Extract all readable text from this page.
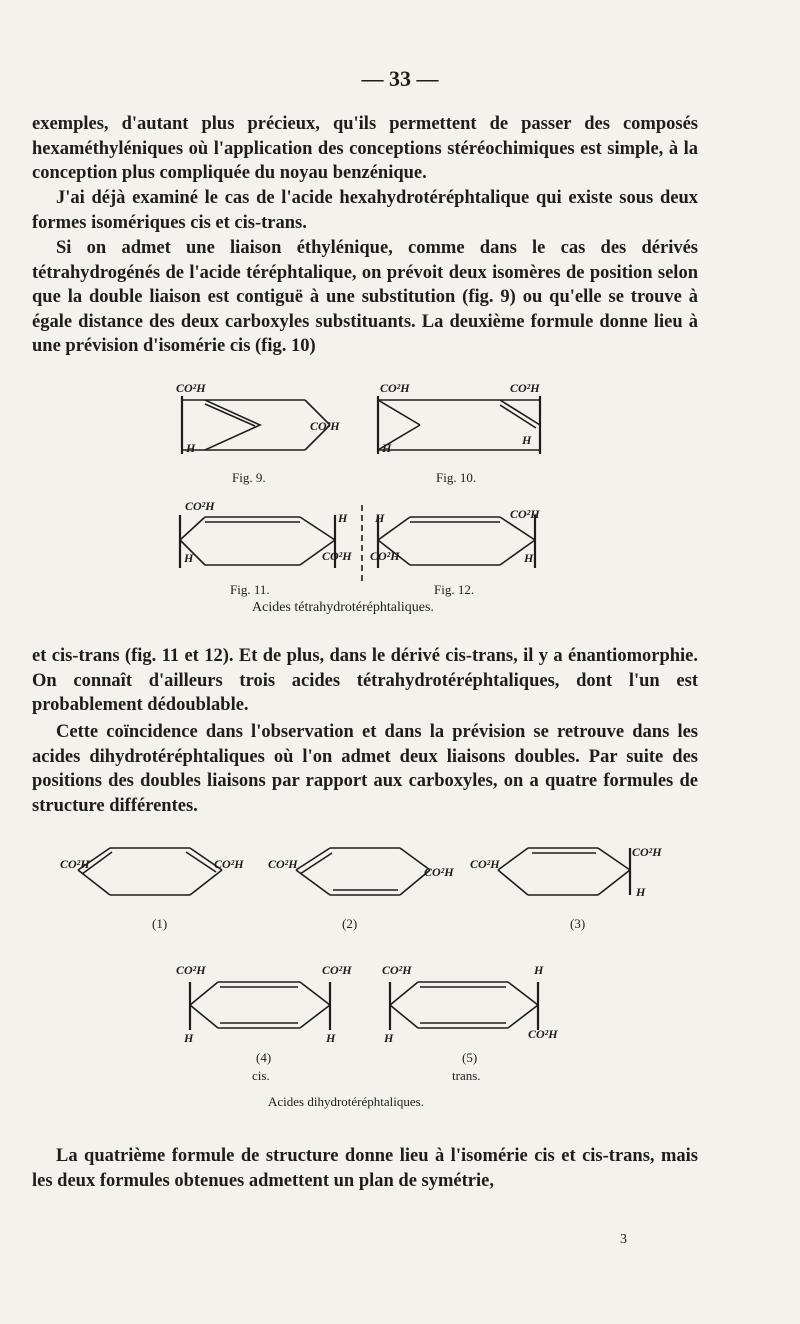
— 33 —

exemples, d'autant plus précieux, qu'ils permettent de passer des composés hexaméthyléniques où l'application des conceptions stéréochimiques est simple, à la conception plus compliquée du noyau benzénique.

J'ai déjà examiné le cas de l'acide hexahydrotéréphtalique qui existe sous deux formes isomériques cis et cis-trans.

Si on admet une liaison éthylénique, comme dans le cas des dérivés tétrahydrogénés de l'acide téréphtalique, on prévoit deux isomères de position selon que la double liaison est contiguë à une substitution (fig. 9) ou qu'elle se trouve à égale distance des deux carboxyles substituants. La deuxième formule donne lieu à une prévision d'isomérie cis (fig. 10)

CO²H
H
CO²H
CO²H	CO²H
H
H
CO²H
H
H
CO²H CO²H
H	CO²H
H
Fig. 9.	Fig. 10.
Fig. 11.	Fig. 12.
Acides tétrahydrotéréphtaliques.

et cis-trans (fig. 11 et 12). Et de plus, dans le dérivé cis-trans, il y a énantiomorphie. On connaît d'ailleurs trois acides tétrahydrotéréphtaliques, dont l'un est probablement dédoublable.

Cette coïncidence dans l'observation et dans la prévision se retrouve dans les acides dihydrotéréphtaliques où l'on admet deux liaisons doubles. Par suite des positions des doubles liaisons par rapport aux carboxyles, on a quatre formules de structure différentes.

CO²H	CO²H CO²H
CO²H
CO²H
CO²H
H
CO²H	CO²H
H	H
CO²H	H
H	CO²H
(1)	(2)	(3)
(4)	(5)
cis.	trans.
Acides dihydrotéréphtaliques.

La quatrième formule de structure donne lieu à l'isomérie cis et cis-trans, mais les deux formules obtenues admettent un plan de symétrie,

3
